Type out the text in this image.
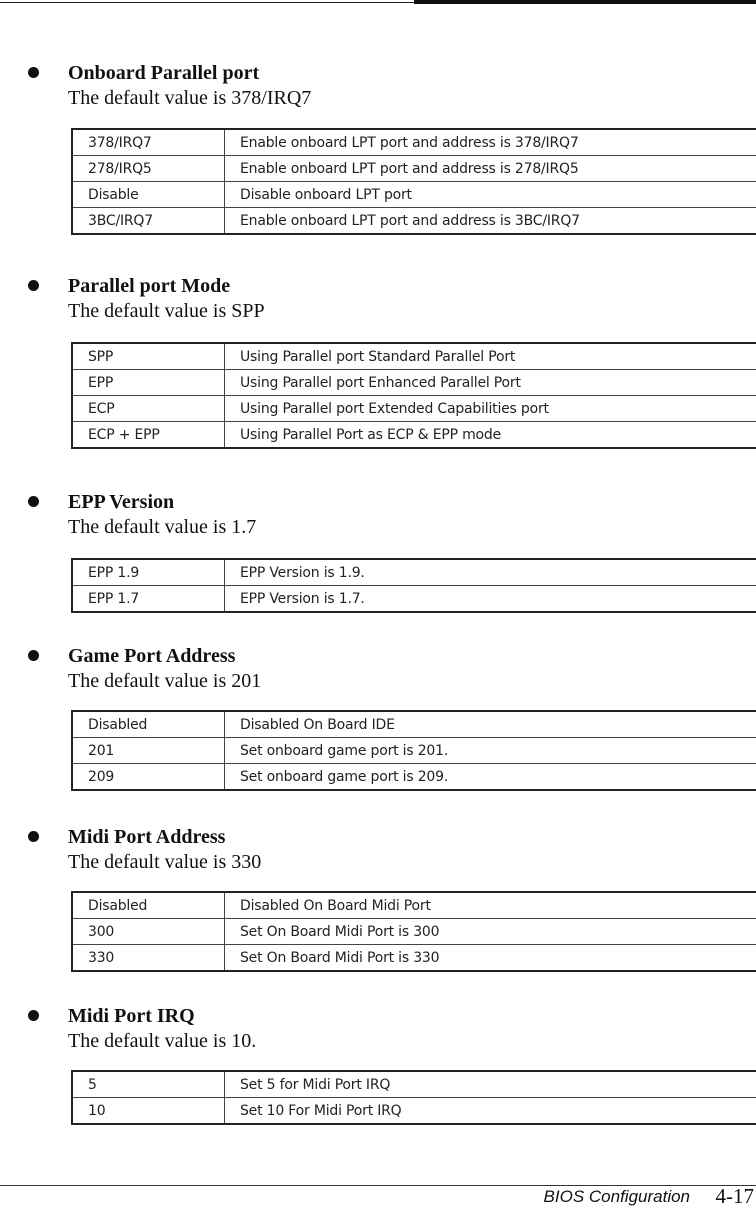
Onboard Parallel port
The default value is 378/IRQ7
378/IRQ7	Enable onboard LPT port and address is 378/IRQ7
278/IRQ5	Enable onboard LPT port and address is 278/IRQ5
Disable	Disable onboard LPT port
3BC/IRQ7	Enable onboard LPT port and address is 3BC/IRQ7
Parallel port Mode
The default value is SPP
SPP	Using Parallel port Standard Parallel Port
EPP	Using Parallel port Enhanced Parallel Port
ECP	Using Parallel port Extended Capabilities port
ECP + EPP	Using Parallel Port as ECP & EPP mode
EPP Version
The default value is 1.7
EPP 1.9	EPP Version is 1.9.
EPP 1.7	EPP Version is 1.7.
Game Port Address
The default value is 201
Disabled	Disabled On Board IDE
201	Set onboard game port is 201.
209	Set onboard game port is 209.
Midi Port Address
The default value is 330
Disabled	Disabled On Board Midi Port
300	Set On Board Midi Port is 300
330	Set On Board Midi Port is 330
Midi Port IRQ
The default value is 10.
5	Set 5 for Midi Port IRQ
10	Set 10 For Midi Port IRQ
BIOS Configuration 4-17
